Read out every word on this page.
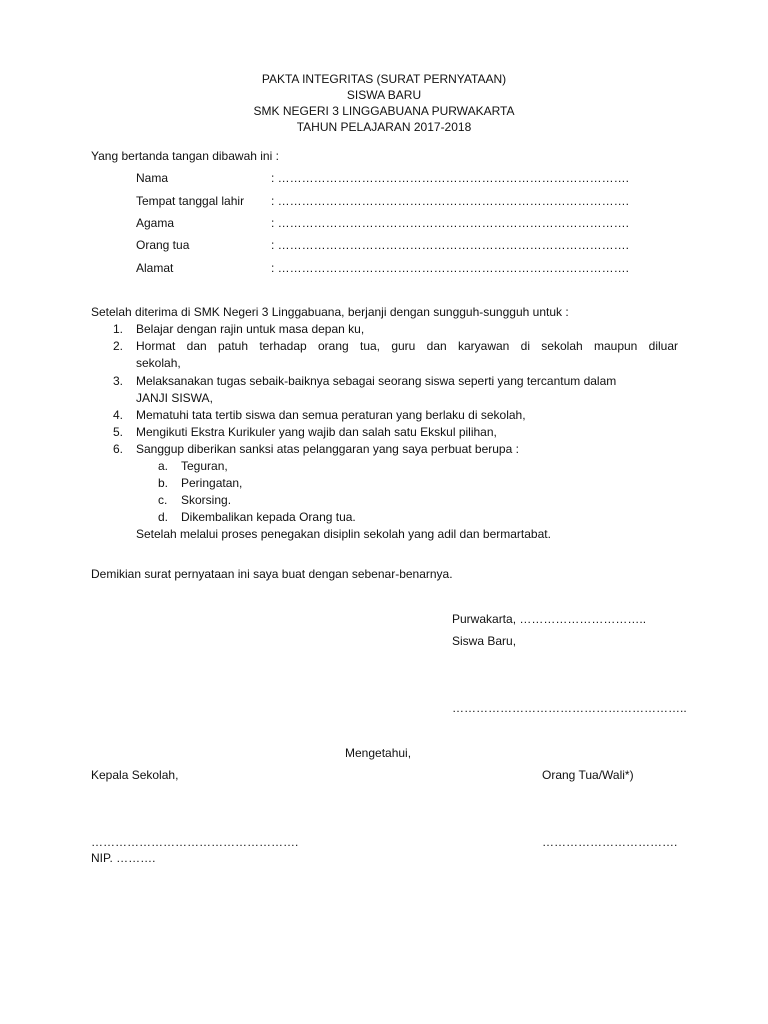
PAKTA INTEGRITAS (SURAT PERNYATAAN)
SISWA BARU
SMK NEGERI 3 LINGGABUANA PURWAKARTA
TAHUN PELAJARAN 2017-2018
Yang bertanda tangan dibawah ini :
Nama	: …………………………………………………………………………….
Tempat tanggal lahir : …………………………………………………………………………….
Agama	: …………………………………………………………………………….
Orang tua	: …………………………………………………………………………….
Alamat	: …………………………………………………………………………….
Setelah diterima di SMK Negeri 3 Linggabuana, berjanji dengan sungguh-sungguh untuk :
1. Belajar dengan rajin untuk masa depan ku,
2. Hormat dan patuh terhadap orang tua, guru dan karyawan di sekolah maupun diluar
sekolah,
3. Melaksanakan tugas sebaik-baiknya sebagai seorang siswa seperti yang tercantum dalam
JANJI SISWA,
4. Mematuhi tata tertib siswa dan semua peraturan yang berlaku di sekolah,
5. Mengikuti Ekstra Kurikuler yang wajib dan salah satu Ekskul pilihan,
6. Sanggup diberikan sanksi atas pelanggaran yang saya perbuat berupa :
a. Teguran,
b. Peringatan,
c. Skorsing.
d. Dikembalikan kepada Orang tua.
Setelah melalui proses penegakan disiplin sekolah yang adil dan bermartabat.
Demikian surat pernyataan ini saya buat dengan sebenar-benarnya.
Purwakarta, …………………………..
Siswa Baru,
…………………………………………………..
Mengetahui,
Kepala Sekolah,	Orang Tua/Wali*)
…………………………………………….
NIP. ……….
…………………………….
